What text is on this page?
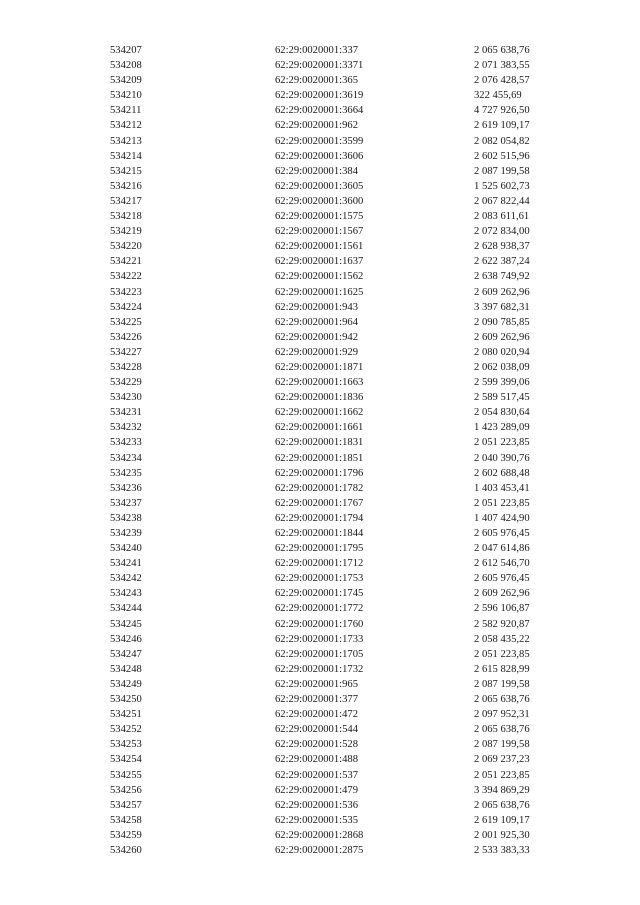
534207	62:29:0020001:337	2 065 638,76
534208	62:29:0020001:3371	2 071 383,55
534209	62:29:0020001:365	2 076 428,57
534210	62:29:0020001:3619	322 455,69
534211	62:29:0020001:3664	4 727 926,50
534212	62:29:0020001:962	2 619 109,17
534213	62:29:0020001:3599	2 082 054,82
534214	62:29:0020001:3606	2 602 515,96
534215	62:29:0020001:384	2 087 199,58
534216	62:29:0020001:3605	1 525 602,73
534217	62:29:0020001:3600	2 067 822,44
534218	62:29:0020001:1575	2 083 611,61
534219	62:29:0020001:1567	2 072 834,00
534220	62:29:0020001:1561	2 628 938,37
534221	62:29:0020001:1637	2 622 387,24
534222	62:29:0020001:1562	2 638 749,92
534223	62:29:0020001:1625	2 609 262,96
534224	62:29:0020001:943	3 397 682,31
534225	62:29:0020001:964	2 090 785,85
534226	62:29:0020001:942	2 609 262,96
534227	62:29:0020001:929	2 080 020,94
534228	62:29:0020001:1871	2 062 038,09
534229	62:29:0020001:1663	2 599 399,06
534230	62:29:0020001:1836	2 589 517,45
534231	62:29:0020001:1662	2 054 830,64
534232	62:29:0020001:1661	1 423 289,09
534233	62:29:0020001:1831	2 051 223,85
534234	62:29:0020001:1851	2 040 390,76
534235	62:29:0020001:1796	2 602 688,48
534236	62:29:0020001:1782	1 403 453,41
534237	62:29:0020001:1767	2 051 223,85
534238	62:29:0020001:1794	1 407 424,90
534239	62:29:0020001:1844	2 605 976,45
534240	62:29:0020001:1795	2 047 614,86
534241	62:29:0020001:1712	2 612 546,70
534242	62:29:0020001:1753	2 605 976,45
534243	62:29:0020001:1745	2 609 262,96
534244	62:29:0020001:1772	2 596 106,87
534245	62:29:0020001:1760	2 582 920,87
534246	62:29:0020001:1733	2 058 435,22
534247	62:29:0020001:1705	2 051 223,85
534248	62:29:0020001:1732	2 615 828,99
534249	62:29:0020001:965	2 087 199,58
534250	62:29:0020001:377	2 065 638,76
534251	62:29:0020001:472	2 097 952,31
534252	62:29:0020001:544	2 065 638,76
534253	62:29:0020001:528	2 087 199,58
534254	62:29:0020001:488	2 069 237,23
534255	62:29:0020001:537	2 051 223,85
534256	62:29:0020001:479	3 394 869,29
534257	62:29:0020001:536	2 065 638,76
534258	62:29:0020001:535	2 619 109,17
534259	62:29:0020001:2868	2 001 925,30
534260	62:29:0020001:2875	2 533 383,33
